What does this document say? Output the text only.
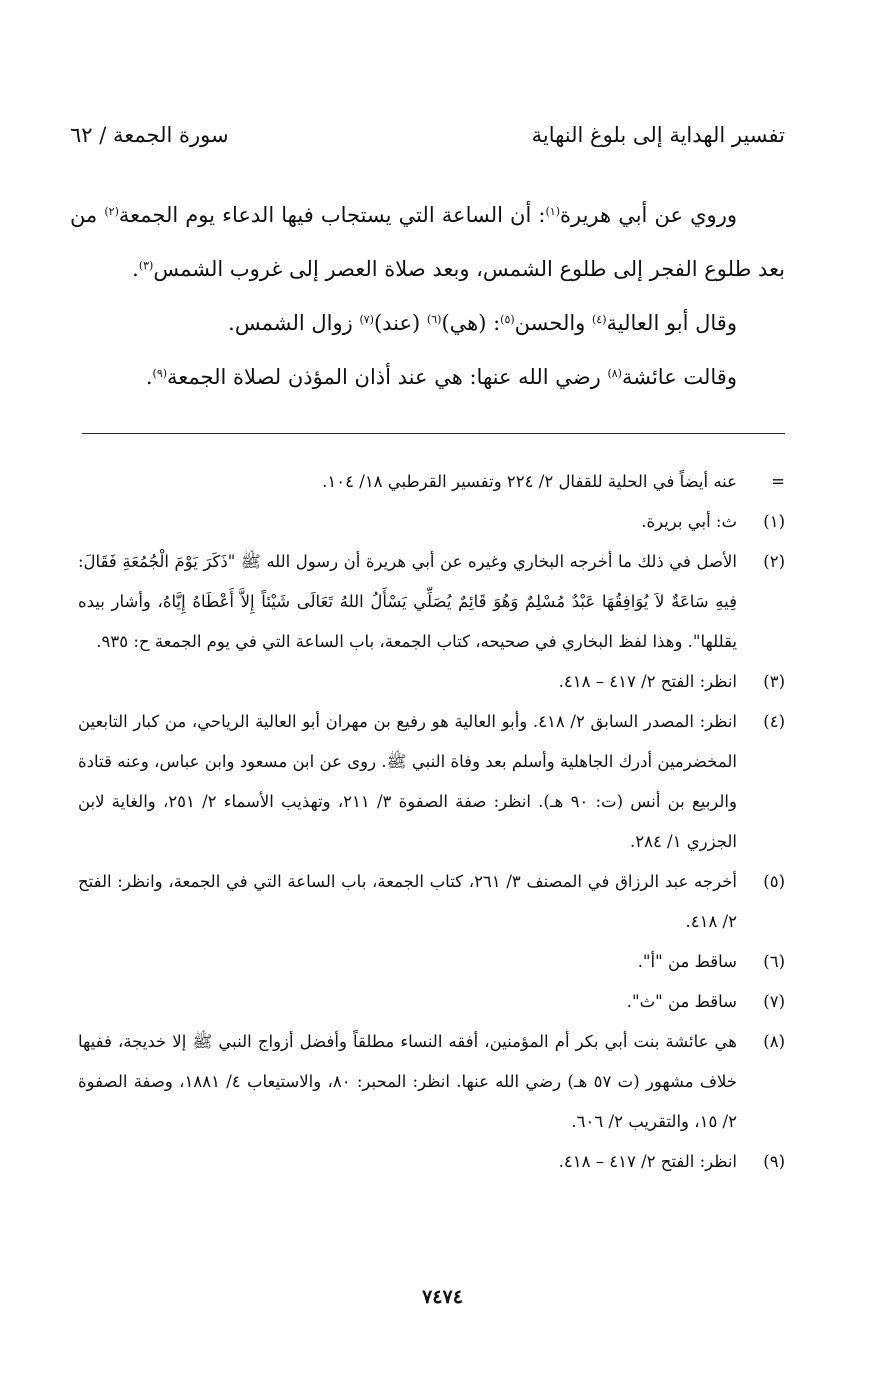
تفسير الهداية إلى بلوغ النهاية
سورة الجمعة / ٦٢

وروي عن أبي هريرة$^{(١)}$: أن الساعة التي يستجاب فيها الدعاء يوم الجمعة$^{(٢)}$ من بعد طلوع الفجر إلى طلوع الشمس، وبعد صلاة العصر إلى غروب الشمس$^{(٣)}$.

وقال أبو العالية$^{(٤)}$ والحسن$^{(٥)}$: (هي)$^{(٦)}$ (عند)$^{(٧)}$ زوال الشمس.

وقالت عائشة$^{(٨)}$ رضي الله عنها: هي عند أذان المؤذن لصلاة الجمعة$^{(٩)}$.

=
عنه أيضاً في الحلية للقفال ٢/ ٢٢٤ وتفسير القرطبي ١٨/ ١٠٤.
(١)
ث: أبي بريرة.
(٢)
الأصل في ذلك ما أخرجه البخاري وغيره عن أبي هريرة أن رسول الله ﷺ "ذَكَرَ يَوْمَ الْجُمُعَةِ فَقَالَ: فِيهِ سَاعَةٌ لاَ يُوَافِقُهَا عَبْدٌ مُسْلِمٌ وَهُوَ قَائِمٌ يُصَلِّي يَسْأَلُ اللهُ تَعَالَى شَيْئاً إِلاَّ أَعْطَاهُ إِيَّاهُ، وأشار بيده يقللها". وهذا لفظ البخاري في صحيحه، كتاب الجمعة، باب الساعة التي في يوم الجمعة ح: ٩٣٥.
(٣)
انظر: الفتح ٢/ ٤١٧ – ٤١٨.
(٤)
انظر: المصدر السابق ٢/ ٤١٨. وأبو العالية هو رفيع بن مهران أبو العالية الرياحي، من كبار التابعين المخضرمين أدرك الجاهلية وأسلم بعد وفاة النبي ﷺ. روى عن ابن مسعود وابن عباس، وعنه قتادة والربيع بن أنس (ت: ٩٠ هـ). انظر: صفة الصفوة ٣/ ٢١١، وتهذيب الأسماء ٢/ ٢٥١، والغاية لابن الجزري ١/ ٢٨٤.
(٥)
أخرجه عبد الرزاق في المصنف ٣/ ٢٦١، كتاب الجمعة، باب الساعة التي في الجمعة، وانظر: الفتح ٢/ ٤١٨.
(٦)
ساقط من "أ".
(٧)
ساقط من "ث".
(٨)
هي عائشة بنت أبي بكر أم المؤمنين، أفقه النساء مطلقاً وأفضل أزواج النبي ﷺ إلا خديجة، ففيها خلاف مشهور (ت ٥٧ هـ) رضي الله عنها. انظر: المحبر: ٨٠، والاستيعاب ٤/ ١٨٨١، وصفة الصفوة ٢/ ١٥، والتقريب ٢/ ٦٠٦.
(٩)
انظر: الفتح ٢/ ٤١٧ – ٤١٨.
٧٤٧٤
